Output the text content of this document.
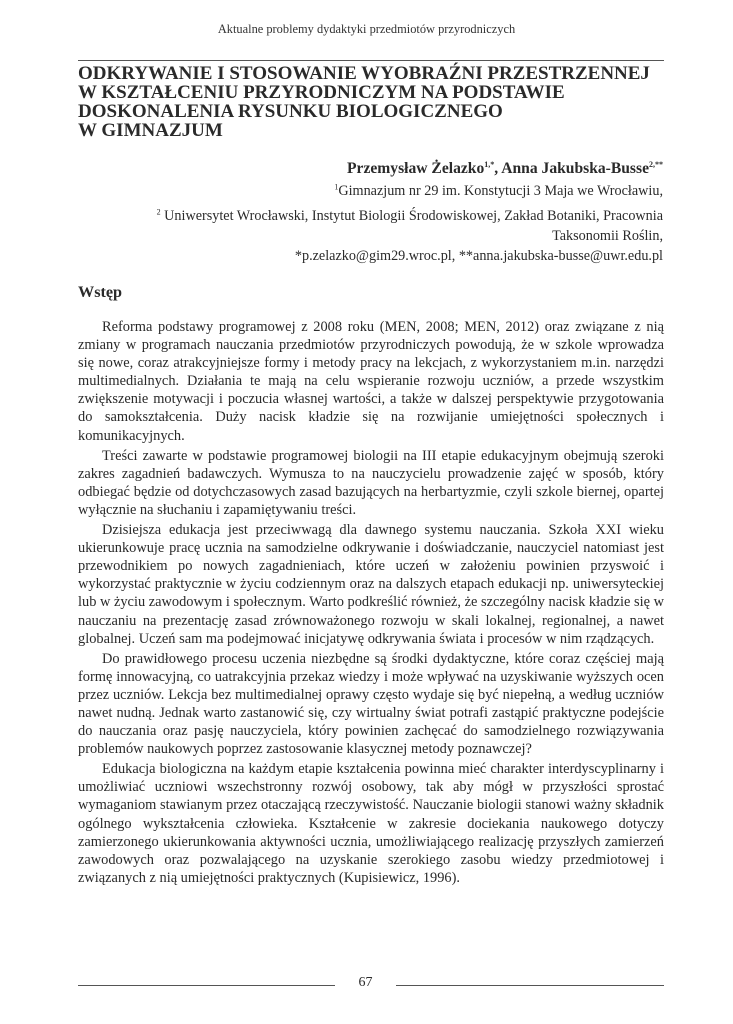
Aktualne problemy dydaktyki przedmiotów przyrodniczych
ODKRYWANIE I STOSOWANIE WYOBRAŹNI PRZESTRZENNEJ
W KSZTAŁCENIU PRZYRODNICZYM NA PODSTAWIE
DOSKONALENIA RYSUNKU BIOLOGICZNEGO
W GIMNAZJUM
Przemysław Żelazko$^{1,*}$, Anna Jakubska-Busse$^{2,**}$
$^1$Gimnazjum nr 29 im. Konstytucji 3 Maja we Wrocławiu,
$^2$ Uniwersytet Wrocławski, Instytut Biologii Środowiskowej, Zakład Botaniki, Pracownia
Taksonomii Roślin,
*p.zelazko@gim29.wroc.pl, **anna.jakubska-busse@uwr.edu.pl
Wstęp

Reforma podstawy programowej z 2008 roku (MEN, 2008; MEN, 2012) oraz związane z nią zmiany w programach nauczania przedmiotów przyrodniczych powodują, że w szkole wprowadza się nowe, coraz atrakcyjniejsze formy i metody pracy na lekcjach, z wykorzystaniem m.in. narzędzi multimedialnych. Działania te mają na celu wspieranie rozwoju uczniów, a przede wszystkim zwiększenie motywacji i poczucia własnej wartości, a także w dalszej perspektywie przygotowania do samokształcenia. Duży nacisk kładzie się na rozwijanie umiejętności społecznych i komunikacyjnych.

Treści zawarte w podstawie programowej biologii na III etapie edukacyjnym obejmują szeroki zakres zagadnień badawczych. Wymusza to na nauczycielu prowadzenie zajęć w sposób, który odbiegać będzie od dotychczasowych zasad bazujących na herbartyzmie, czyli szkole biernej, opartej wyłącznie na słuchaniu i zapamiętywaniu treści.

Dzisiejsza edukacja jest przeciwwagą dla dawnego systemu nauczania. Szkoła XXI wieku ukierunkowuje pracę ucznia na samodzielne odkrywanie i doświadczanie, nauczyciel natomiast jest przewodnikiem po nowych zagadnieniach, które uczeń w założeniu powinien przyswoić i wykorzystać praktycznie w życiu codziennym oraz na dalszych etapach edukacji np. uniwersyteckiej lub w życiu zawodowym i społecznym. Warto podkreślić również, że szczególny nacisk kładzie się w nauczaniu na prezentację zasad zrównoważonego rozwoju w skali lokalnej, regionalnej, a nawet globalnej. Uczeń sam ma podejmować inicjatywę odkrywania świata i procesów w nim rządzących.

Do prawidłowego procesu uczenia niezbędne są środki dydaktyczne, które coraz częściej mają formę innowacyjną, co uatrakcyjnia przekaz wiedzy i może wpływać na uzyskiwanie wyższych ocen przez uczniów. Lekcja bez multimedialnej oprawy często wydaje się być niepełną, a według uczniów nawet nudną. Jednak warto zastanowić się, czy wirtualny świat potrafi zastąpić praktyczne podejście do nauczania oraz pasję nauczyciela, który powinien zachęcać do samodzielnego rozwiązywania problemów naukowych poprzez zastosowanie klasycznej metody poznawczej?

Edukacja biologiczna na każdym etapie kształcenia powinna mieć charakter interdyscyplinarny i umożliwiać uczniowi wszechstronny rozwój osobowy, tak aby mógł w przyszłości sprostać wymaganiom stawianym przez otaczającą rzeczywistość. Nauczanie biologii stanowi ważny składnik ogólnego wykształcenia człowieka. Kształcenie w zakresie dociekania naukowego dotyczy zamierzonego ukierunkowania aktywności ucznia, umożliwiającego realizację przyszłych zamierzeń zawodowych oraz pozwalającego na uzyskanie szerokiego zasobu wiedzy przedmiotowej i związanych z nią umiejętności praktycznych (Kupisiewicz, 1996).

67
